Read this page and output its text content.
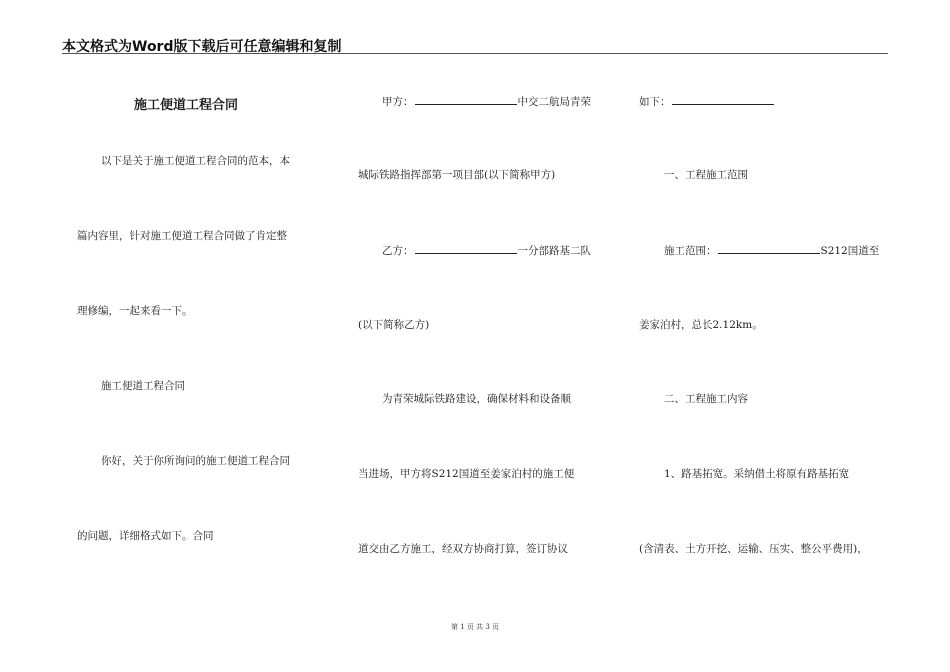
本文格式为Word版下载后可任意编辑和复制
施工便道工程合同
以下是关于施工便道工程合同的范本，本
篇内容里，针对施工便道工程合同做了肯定整
理修编，一起来看一下。
施工便道工程合同
你好，关于你所询问的施工便道工程合同
的问题，详细格式如下。合同
甲方：	中交二航局青荣
城际铁路指挥部第一项目部(以下简称甲方)
乙方：	一分部路基二队
(以下简称乙方)
为青荣城际铁路建设，确保材料和设备顺
当进场，甲方将S212国道至姜家泊村的施工便
道交由乙方施工，经双方协商打算，签订协议
如下：
一、工程施工范围
施工范围：	S212国道至
姜家泊村，总长2.12km。
二、工程施工内容
1、路基拓宽。采纳借土将原有路基拓宽
(含清表、土方开挖、运输、压实、整公平费用)，
第 1 页 共 3 页
